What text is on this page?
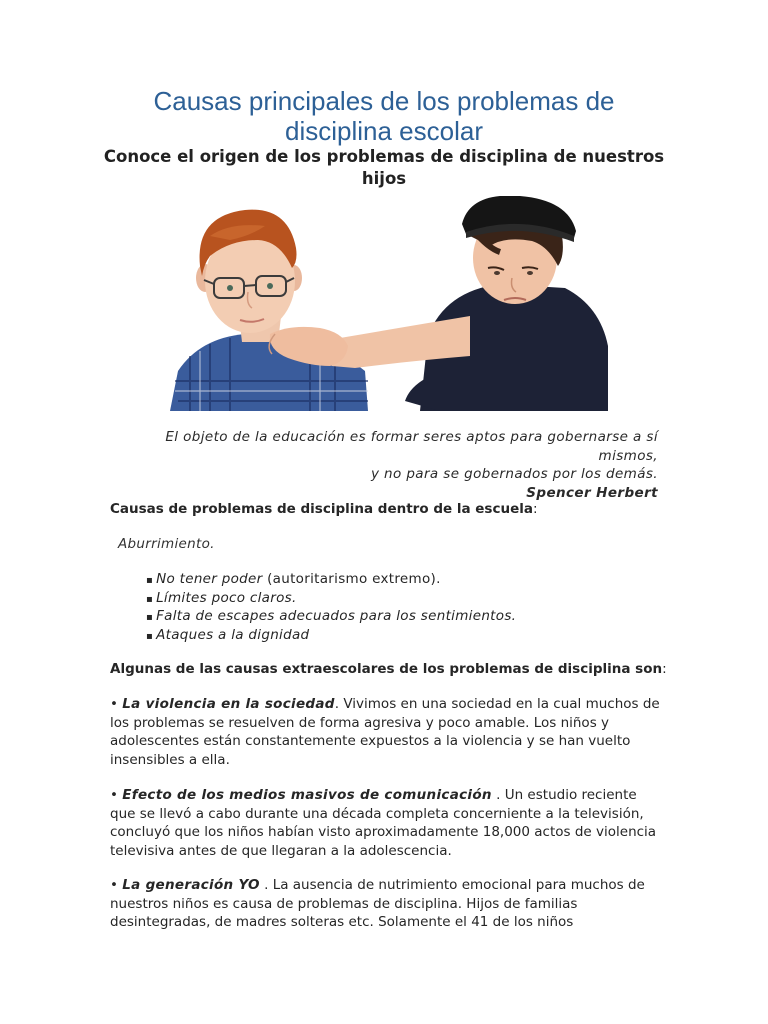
Causas principales de los problemas de disciplina escolar
Conoce el origen de los problemas de disciplina de nuestros hijos
El objeto de la educación es formar seres aptos para gobernarse a sí mismos,
y no para se gobernados por los demás.
Spencer Herbert
Causas de problemas de disciplina dentro de la escuela:
Aburrimiento.
▪ No tener poder (autoritarismo extremo).
▪ Límites poco claros.
▪ Falta de escapes adecuados para los sentimientos.
▪ Ataques a la dignidad
Algunas de las causas extraescolares de los problemas de disciplina son:

• La violencia en la sociedad. Vivimos en una sociedad en la cual muchos de los problemas se resuelven de forma agresiva y poco amable. Los niños y adolescentes están constantemente expuestos a la violencia y se han vuelto insensibles a ella.

• Efecto de los medios masivos de comunicación . Un estudio reciente que se llevó a cabo durante una década completa concerniente a la televisión, concluyó que los niños habían visto aproximadamente 18,000 actos de violencia televisiva antes de que llegaran a la adolescencia.

• La generación YO . La ausencia de nutrimiento emocional para muchos de nuestros niños es causa de problemas de disciplina. Hijos de familias desintegradas, de madres solteras etc. Solamente el 41 de los niños
